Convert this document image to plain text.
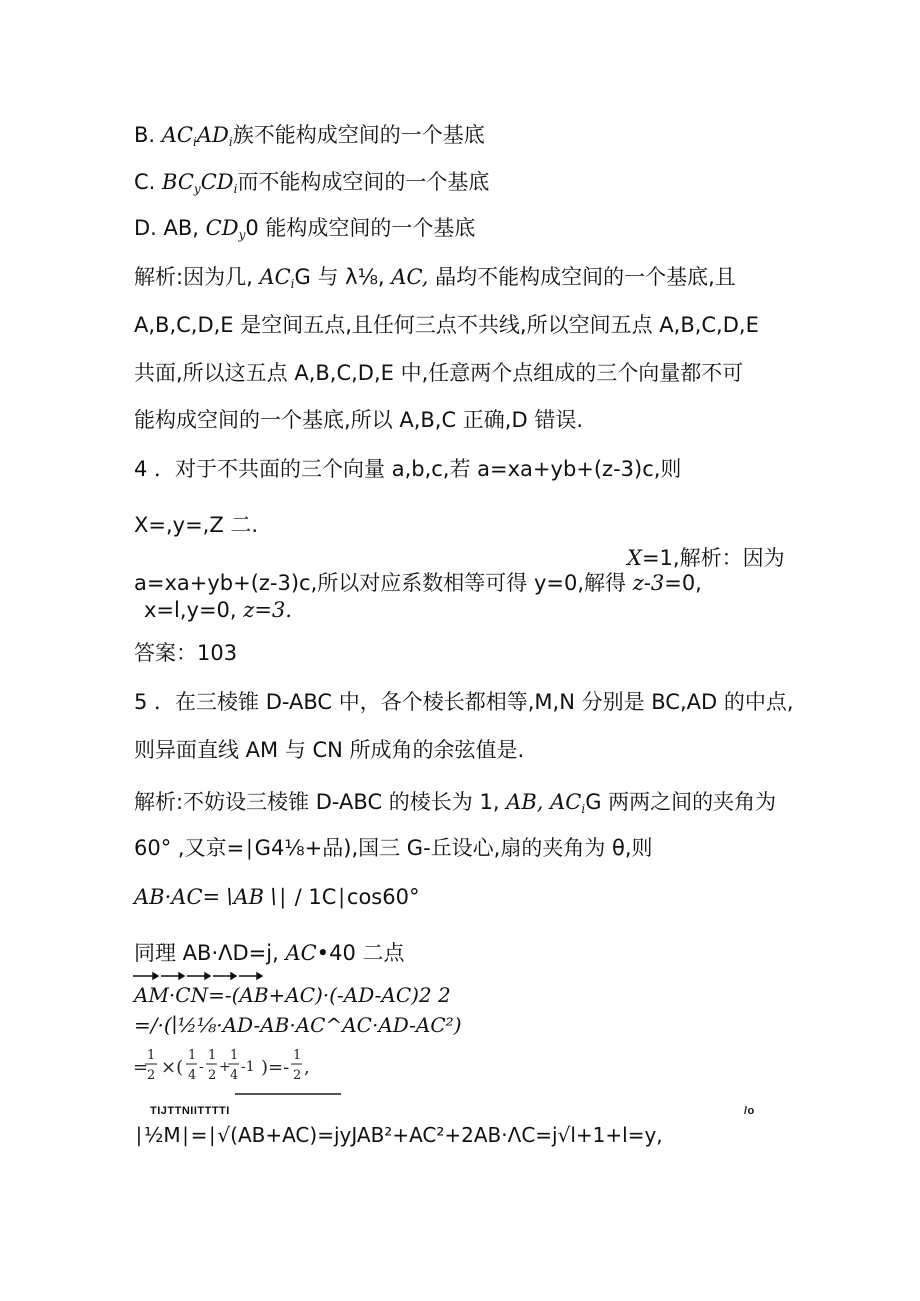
B. $AC_iAD_i$族不能构成空间的一个基底
C. $BC_yCD_i$而不能构成空间的一个基底
D. AB, $CD_y0$ 能构成空间的一个基底
解析:因为几, $AC_iG$ 与 λ⅛, AC, 晶均不能构成空间的一个基底,且
A,B,C,D,E 是空间五点,且任何三点不共线,所以空间五点 A,B,C,D,E
共面,所以这五点 A,B,C,D,E 中,任意两个点组成的三个向量都不可
能构成空间的一个基底,所以 A,B,C 正确,D 错误.
4 ．对于不共面的三个向量 a,b,c,若 a=xa+yb+(z-3)c,则
X=,y=,Z 二.
X=1,解析：因为
a=xa+yb+(z-3)c,所以对应系数相等可得 y=0,解得 z-3=0,
x=l,y=0, z=3.
答案：103
5 ．在三棱锥 D-ABC 中，各个棱长都相等,M,N 分别是 BC,AD 的中点,
则异面直线 AM 与 CN 所成角的余弦值是.
解析:不妨设三棱锥 D-ABC 的棱长为 1, AB, $AC_iG$ 两两之间的夹角为
60° ,又京=∣G4⅛+品),国三 G-丘设心,扇的夹角为 θ,则
AB·AC=∖AB∖∣ / 1C∣cos60°
同理 AB·ΛD=j, AC•40 二点
AM·CN=-(AB+AC)·(-AD-AC)2 2
=/·(∣½⅛·AD-AB·AC^AC·AD-AC²)
=
1
2 ×(
1
4
-
1
2
+
1
4
-1 )=-
1
2 ,
TIJTTNIITTTTI	/o
∣½M∣=∣√(AB+AC)=jyJAB²+AC²+2AB·ΛC=j√l+1+l=y,
